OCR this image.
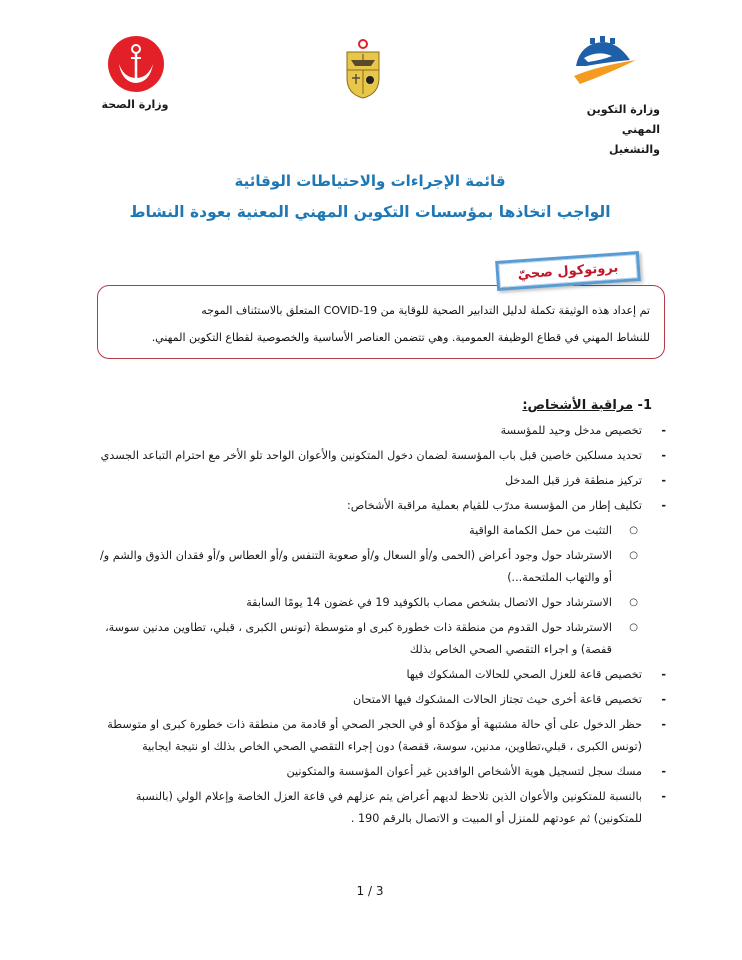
وزارة الصحة	وزارة التكوين المهني
والتشغيل
قائمة الإجراءات والاحتياطات الوقائية
الواجب اتخاذها بمؤسسات التكوين المهني المعنية بعودة النشاط
تم إعداد هذه الوثيقة تكملة لدليل التدابير الصحية للوقاية من COVID-19 المتعلق بالاستئناف الموجه
للنشاط المهني في قطاع الوظيفة العمومية. وهي تتضمن العناصر الأساسية والخصوصية لقطاع التكوين المهني.
بروتوكول صحيّ
1- مراقبة الأشخاص:
-
تخصيص مدخل وحيد للمؤسسة
-
تحديد مسلكين خاصين قبل باب المؤسسة لضمان دخول المتكونين والأعوان الواحد تلو الأخر مع احترام التباعد الجسدي
-
تركيز منطقة فرز قبل المدخل
-
تكليف إطار من المؤسسة مدرّب للقيام بعملية مراقبة الأشخاص:
○
التثبت من حمل الكمامة الواقية
○
الاسترشاد حول وجود أعراض (الحمى و/أو السعال و/أو صعوبة التنفس و/أو العطاس و/أو فقدان الذوق والشم و/أو والتهاب الملتحمة...)
○
الاسترشاد حول الاتصال بشخص مصاب بالكوفيد 19 في غضون 14 يومًا السابقة
○
الاسترشاد حول القدوم من منطقة ذات خطورة كبرى او متوسطة (تونس الكبرى ، قبلي، تطاوين مدنين سوسة، قفصة) و اجراء التقصي الصحي الخاص بذلك
-
تخصيص قاعة للعزل الصحي للحالات المشكوك فيها
-
تخصيص قاعة أخرى حيث تجتاز الحالات المشكوك فيها الامتحان
-
حظر الدخول على أي حالة مشتبهة أو مؤكدة أو في الحجر الصحي أو قادمة من منطقة ذات خطورة كبرى او متوسطة (تونس الكبرى ، قبلي،تطاوين، مدنين، سوسة، قفصة) دون إجراء التقصي الصحي الخاص بذلك او نتيجة ايجابية
-
مسك سجل لتسجيل هوية الأشخاص الوافدين غير أعوان المؤسسة والمتكونين
-
بالنسبة للمتكونين والأعوان الذين تلاحظ لديهم أعراض يتم عزلهم في قاعة العزل الخاصة وإعلام الولي (بالنسبة للمتكونين) ثم عودتهم للمنزل أو المبيت و الاتصال بالرقم 190 .
1 / 3
